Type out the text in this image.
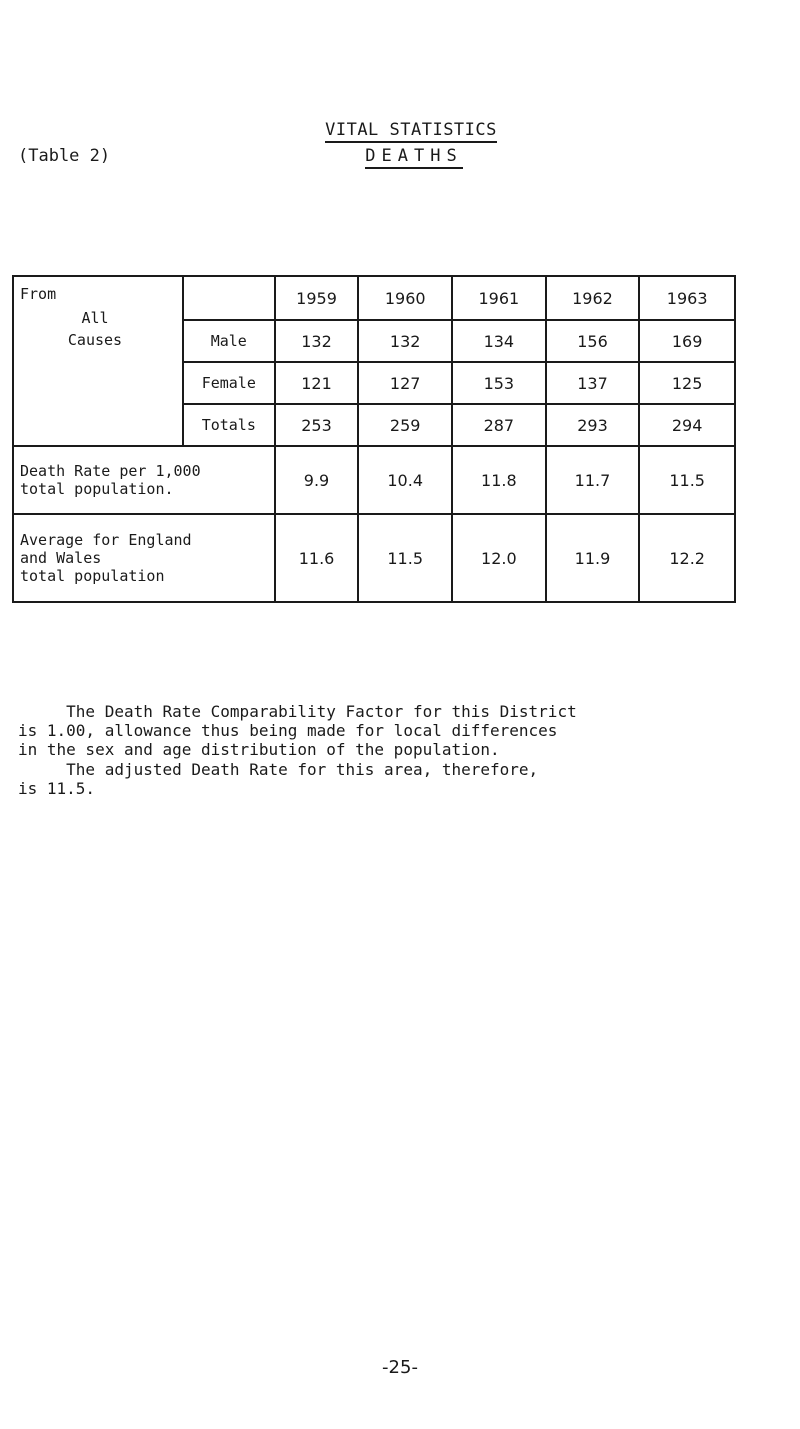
VITAL STATISTICS
(Table 2)	DEATHS
From
All
Causes		1959	1960	1961	1962	1963
	Male	132	132	134	156	169
	Female	121	127	153	137	125
	Totals	253	259	287	293	294
Death Rate per 1,000
total population.		9.9	10.4	11.8	11.7	11.5
Average for England
and Wales
total population		11.6	11.5	12.0	11.9	12.2
The Death Rate Comparability Factor for this District
is 1.00, allowance thus being made for local differences
in the sex and age distribution of the population.
The adjusted Death Rate for this area, therefore,
is 11.5.
-25-
